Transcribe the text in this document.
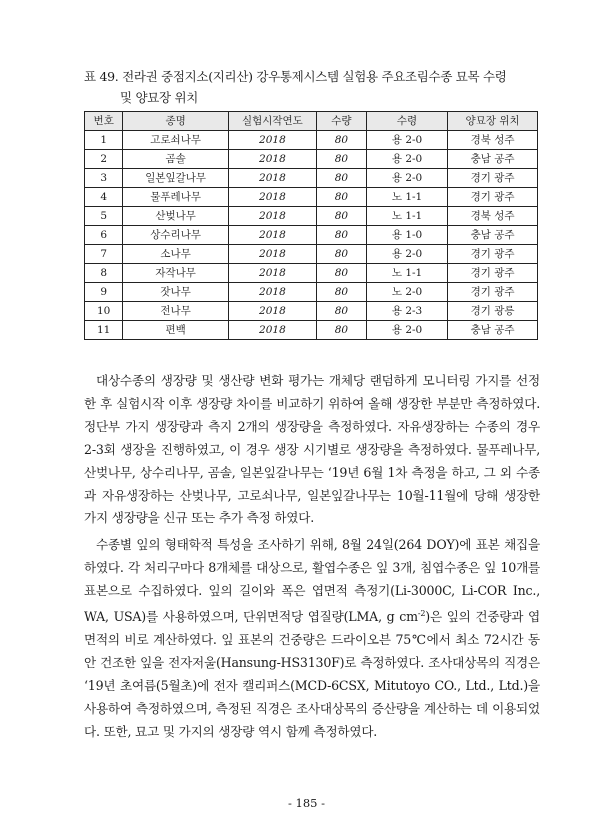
표 49. 전라권 중점지소(지리산) 강우통제시스템 실험용 주요조림수종 묘목 수령
및 양묘장 위치
번호	종명	실험시작연도	수량	수령	양묘장 위치
1	고로쇠나무	2018	80	용 2-0	경북 성주
2	곰솔	2018	80	용 2-0	충남 공주
3	일본잎갈나무	2018	80	용 2-0	경기 광주
4	물푸레나무	2018	80	노 1-1	경기 광주
5	산벚나무	2018	80	노 1-1	경북 성주
6	상수리나무	2018	80	용 1-0	충남 공주
7	소나무	2018	80	용 2-0	경기 광주
8	자작나무	2018	80	노 1-1	경기 광주
9	잣나무	2018	80	노 2-0	경기 광주
10	전나무	2018	80	용 2-3	경기 광릉
11	편백	2018	80	용 2-0	충남 공주

대상수종의 생장량 및 생산량 변화 평가는 개체당 랜덤하게 모니터링 가지를 선정 한 후 실험시작 이후 생장량 차이를 비교하기 위하여 올해 생장한 부분만 측정하였다. 정단부 가지 생장량과 측지 2개의 생장량을 측정하였다. 자유생장하는 수종의 경우 2-3회 생장을 진행하였고, 이 경우 생장 시기별로 생장량을 측정하였다. 물푸레나무, 산벚나무, 상수리나무, 곰솔, 일본잎갈나무는 ‘19년 6월 1차 측정을 하고, 그 외 수종과 자유생장하는 산벚나무, 고로쇠나무, 일본잎갈나무는 10월-11월에 당해 생장한 가지 생장량을 신규 또는 추가 측정 하였다.

수종별 잎의 형태학적 특성을 조사하기 위해, 8월 24일(264 DOY)에 표본 채집을 하였다. 각 처리구마다 8개체를 대상으로, 활엽수종은 잎 3개, 침엽수종은 잎 10개를 표본으로 수집하였다. 잎의 길이와 폭은 엽면적 측정기(Li-3000C, Li-COR Inc., WA, USA)를 사용하였으며, 단위면적당 엽질량(LMA, g $cm^{-2}$)은 잎의 건중량과 엽면적의 비로 계산하였다. 잎 표본의 건중량은 드라이오븐 75℃에서 최소 72시간 동안 건조한 잎을 전자저울(Hansung-HS3130F)로 측정하였다. 조사대상목의 직경은 ‘19년 초여름(5월초)에 전자 캘리퍼스(MCD-6CSX, Mitutoyo CO., Ltd., Ltd.)을 사용하여 측정하였으며, 측정된 직경은 조사대상목의 증산량을 계산하는 데 이용되었다. 또한, 묘고 및 가지의 생장량 역시 함께 측정하였다.

- 185 -
